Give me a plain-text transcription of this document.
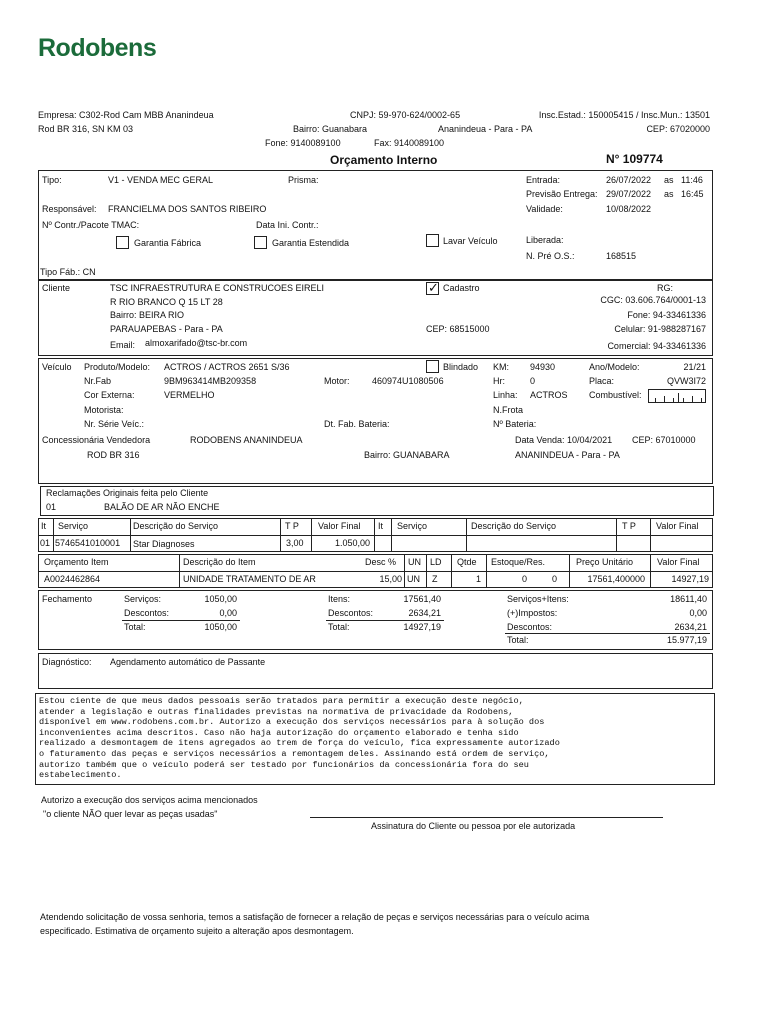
Rodobens
Empresa: C302-Rod Cam MBB Ananindeua	CNPJ: 59-970-624/0002-65	Insc.Estad.: 150005415 / Insc.Mun.: 13501
Rod BR 316, SN KM 03	Bairro: Guanabara	Ananindeua - Para - PA	CEP: 67020000
Fone: 9140089100	Fax: 9140089100
Orçamento Interno	N° 109774
Tipo:	V1 - VENDA MEC GERAL	Prisma:	Entrada:	26/07/2022 as 11:46
Previsão Entrega: 29/07/2022 as 16:45
Responsável: FRANCIELMA DOS SANTOS RIBEIRO	Validade:	10/08/2022
Nº Contr./Pacote TMAC:	Data Ini. Contr.:
Garantia Fábrica	Garantia Estendida	Lavar Veículo	Liberada:
N. Pré O.S.:	168515
Tipo Fáb.: CN
Cliente	TSC INFRAESTRUTURA E CONSTRUCOES EIRELI	✓ Cadastro	RG:
R RIO BRANCO Q 15 LT 28	CGC: 03.606.764/0001-13
Bairro: BEIRA RIO	Fone: 94-33461336
PARAUAPEBAS - Para - PA	CEP: 68515000	Celular: 91-988287167
Email: almoxarifado@tsc-br.com	Comercial: 94-33461336
Veículo Produto/Modelo: ACTROS / ACTROS 2651 S/36	Blindado KM: 94930	Ano/Modelo:	21/21
Nr.Fab	9BM963414MB209358	Motor: 460974U1080506	Hr:	0	Placa:	QVW3I72
Cor Externa:	VERMELHO	Linha: ACTROS Combustível:
Motorista:	N.Frota
Nr. Série Veíc.:	Dt. Fab. Bateria:	Nº Bateria:
Concessionária Vendedora	RODOBENS ANANINDEUA	Data Venda: 10/04/2021 CEP: 67010000
ROD BR 316	Bairro: GUANABARA	ANANINDEUA - Para - PA
Reclamações Originais feita pelo Cliente
01	BALÃO DE AR NÃO ENCHE
It Serviço	Descrição do Serviço	T P Valor Final It Serviço	Descrição do Serviço	T P Valor Final
01 5746541010001	Star Diagnoses	3,00	1.050,00
Orçamento Item	Descrição do Item	Desc % UN LD Qtde Estoque/Res.	Preço Unitário	Valor Final
A0024462864	UNIDADE TRATAMENTO DE AR	15,00 UN Z	1	0	0	17561,400000	14927,19
Fechamento	Serviços:	1050,00
Descontos:	0,00
Total:	1050,00
Itens:	17561,40
Descontos:	2634,21
Total:	14927,19
Serviços+Itens:	18611,40
(+)Impostos:	0,00
Descontos:	2634,21
Total:	15.977,19
Diagnóstico: Agendamento automático de Passante
Estou ciente de que meus dados pessoais serão tratados para permitir a execução deste negócio,
atender a legislação e outras finalidades previstas na normativa de privacidade da Rodobens,
disponível em www.rodobens.com.br. Autorizo a execução dos serviços necessários para à solução dos
inconvenientes acima descritos. Caso não haja autorização do orçamento elaborado e tenha sido
realizado a desmontagem de itens agregados ao trem de força do veículo, fica expressamente autorizado
o faturamento das peças e serviços necessários a remontagem deles. Assinando está ordem de serviço,
autorizo também que o veículo poderá ser testado por funcionários da concessionária fora do seu
estabelecimento.
Autorizo a execução dos serviços acima mencionados
"o cliente NÃO quer levar as peças usadas"
Assinatura do Cliente ou pessoa por ele autorizada
Atendendo solicitação de vossa senhoria, temos a satisfação de fornecer a relação de peças e serviços necessárias para o veículo acima
especificado. Estimativa de orçamento sujeito a alteração apos desmontagem.
